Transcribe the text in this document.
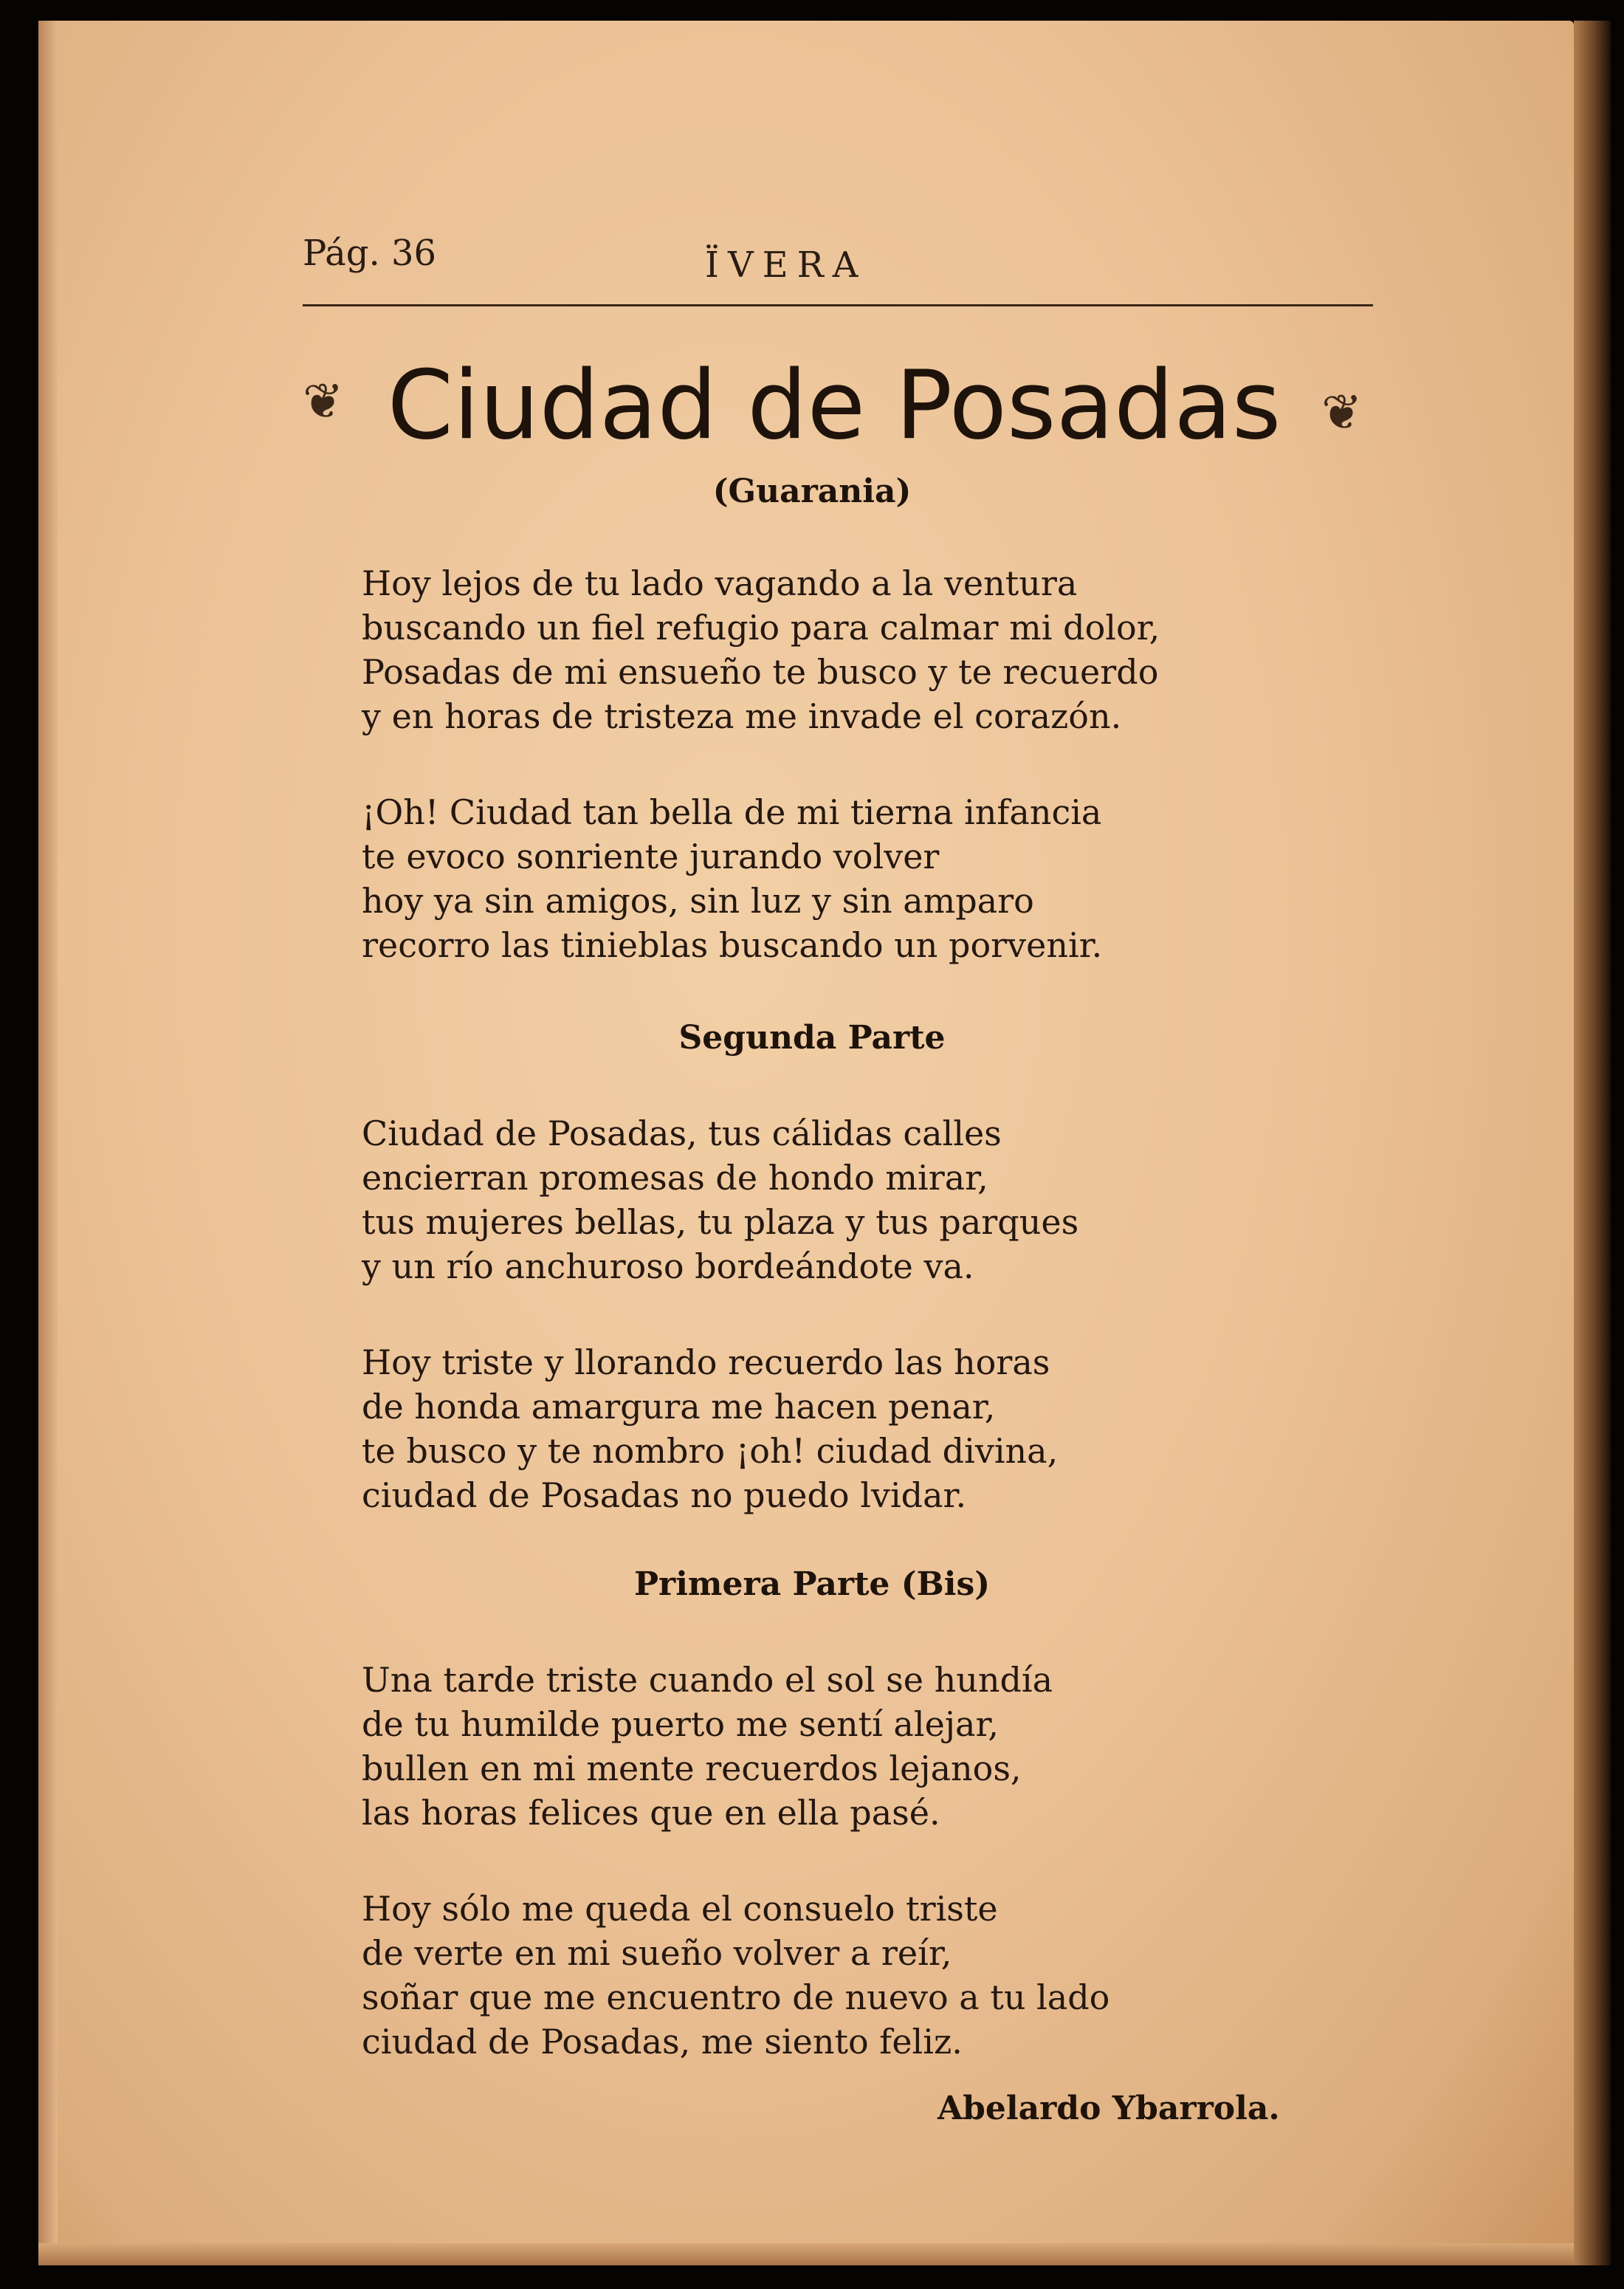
Pág. 36	ÏVERA
❦	❦
Ciudad de Posadas
(Guarania)
Hoy lejos de tu lado vagando a la ventura
buscando un fiel refugio para calmar mi dolor,
Posadas de mi ensueño te busco y te recuerdo
y en horas de tristeza me invade el corazón.
¡Oh! Ciudad tan bella de mi tierna infancia
te evoco sonriente jurando volver
hoy ya sin amigos, sin luz y sin amparo
recorro las tinieblas buscando un porvenir.
Segunda Parte
Ciudad de Posadas, tus cálidas calles
encierran promesas de hondo mirar,
tus mujeres bellas, tu plaza y tus parques
y un río anchuroso bordeándote va.
Hoy triste y llorando recuerdo las horas
de honda amargura me hacen penar,
te busco y te nombro ¡oh! ciudad divina,
ciudad de Posadas no puedo lvidar.
Primera Parte (Bis)
Una tarde triste cuando el sol se hundía
de tu humilde puerto me sentí alejar,
bullen en mi mente recuerdos lejanos,
las horas felices que en ella pasé.
Hoy sólo me queda el consuelo triste
de verte en mi sueño volver a reír,
soñar que me encuentro de nuevo a tu lado
ciudad de Posadas, me siento feliz.
Abelardo Ybarrola.
